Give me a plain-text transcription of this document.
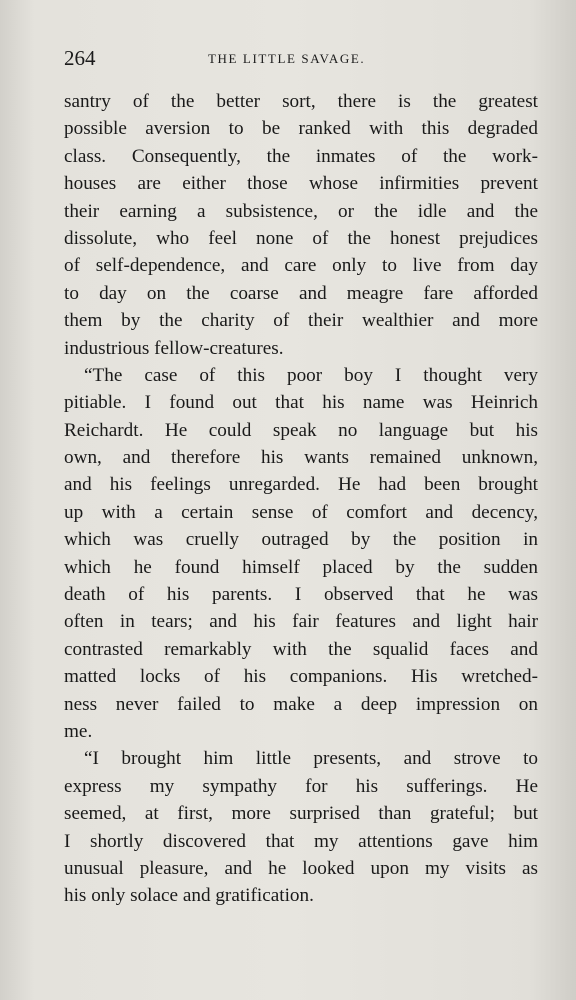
264	THE LITTLE SAVAGE.
santry of the better sort, there is the greatest
possible aversion to be ranked with this degraded
class. Consequently, the inmates of the work-
houses are either those whose infirmities prevent
their earning a subsistence, or the idle and the
dissolute, who feel none of the honest prejudices
of self-dependence, and care only to live from day
to day on the coarse and meagre fare afforded
them by the charity of their wealthier and more
industrious fellow-creatures.
“The case of this poor boy I thought very
pitiable. I found out that his name was Heinrich
Reichardt. He could speak no language but his
own, and therefore his wants remained unknown,
and his feelings unregarded. He had been brought
up with a certain sense of comfort and decency,
which was cruelly outraged by the position in
which he found himself placed by the sudden
death of his parents. I observed that he was
often in tears; and his fair features and light hair
contrasted remarkably with the squalid faces and
matted locks of his companions. His wretched-
ness never failed to make a deep impression on
me.
“I brought him little presents, and strove to
express my sympathy for his sufferings. He
seemed, at first, more surprised than grateful; but
I shortly discovered that my attentions gave him
unusual pleasure, and he looked upon my visits as
his only solace and gratification.
